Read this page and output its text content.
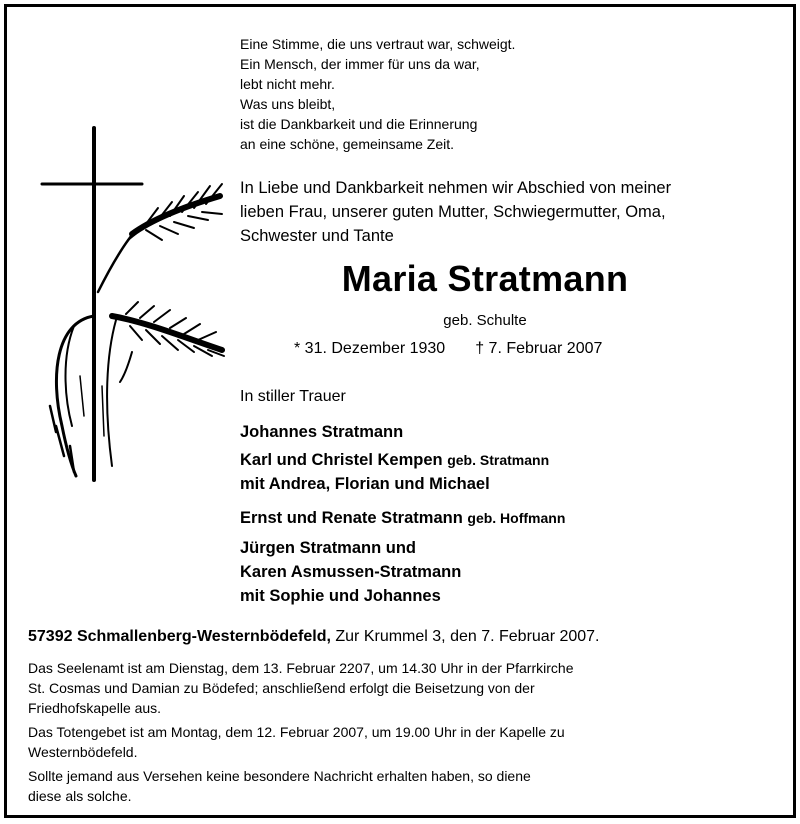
Eine Stimme, die uns vertraut war, schweigt.
Ein Mensch, der immer für uns da war,
lebt nicht mehr.
Was uns bleibt,
ist die Dankbarkeit und die Erinnerung
an eine schöne, gemeinsame Zeit.
In Liebe und Dankbarkeit nehmen wir Abschied von meiner
lieben Frau, unserer guten Mutter, Schwiegermutter, Oma,
Schwester und Tante
Maria Stratmann
geb. Schulte
* 31. Dezember 1930 † 7. Februar 2007
In stiller Trauer
Johannes Stratmann
Karl und Christel Kempen geb. Stratmann
mit Andrea, Florian und Michael
Ernst und Renate Stratmann geb. Hoffmann
Jürgen Stratmann und
Karen Asmussen-Stratmann
mit Sophie und Johannes
57392 Schmallenberg-Westernbödefeld, Zur Krummel 3, den 7. Februar 2007.
Das Seelenamt ist am Dienstag, dem 13. Februar 2207, um 14.30 Uhr in der Pfarrkirche
St. Cosmas und Damian zu Bödefed; anschließend erfolgt die Beisetzung von der
Friedhofskapelle aus.
Das Totengebet ist am Montag, dem 12. Februar 2007, um 19.00 Uhr in der Kapelle zu
Westernbödefeld.
Sollte jemand aus Versehen keine besondere Nachricht erhalten haben, so diene
diese als solche.
